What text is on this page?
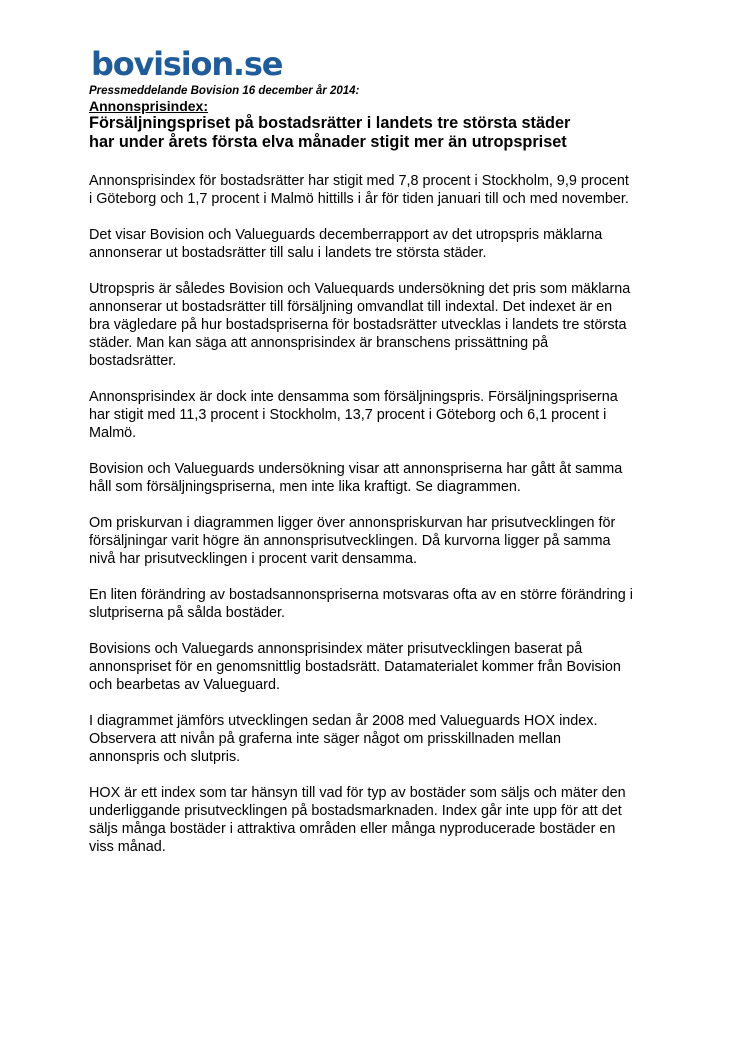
bovision.se
Pressmeddelande Bovision 16 december år 2014:
Annonsprisindex:
Försäljningspriset på bostadsrätter i landets tre största städer
har under årets första elva månader stigit mer än utropspriset

Annonsprisindex för bostadsrätter har stigit med 7,8 procent i Stockholm, 9,9 procent
i Göteborg och 1,7 procent i Malmö hittills i år för tiden januari till och med november.

Det visar Bovision och Valueguards decemberrapport av det utropspris mäklarna
annonserar ut bostadsrätter till salu i landets tre största städer.

Utropspris är således Bovision och Valuequards undersökning det pris som mäklarna
annonserar ut bostadsrätter till försäljning omvandlat till indextal. Det indexet är en
bra vägledare på hur bostadspriserna för bostadsrätter utvecklas i landets tre största
städer. Man kan säga att annonsprisindex är branschens prissättning på
bostadsrätter.

Annonsprisindex är dock inte densamma som försäljningspris. Försäljningspriserna
har stigit med 11,3 procent i Stockholm, 13,7 procent i Göteborg och 6,1 procent i
Malmö.

Bovision och Valueguards undersökning visar att annonspriserna har gått åt samma
håll som försäljningspriserna, men inte lika kraftigt. Se diagrammen.

Om priskurvan i diagrammen ligger över annonspriskurvan har prisutvecklingen för
försäljningar varit högre än annonsprisutvecklingen. Då kurvorna ligger på samma
nivå har prisutvecklingen i procent varit densamma.

En liten förändring av bostadsannonspriserna motsvaras ofta av en större förändring i
slutpriserna på sålda bostäder.

Bovisions och Valuegards annonsprisindex mäter prisutvecklingen baserat på
annonspriset för en genomsnittlig bostadsrätt. Datamaterialet kommer från Bovision
och bearbetas av Valueguard.

I diagrammet jämförs utvecklingen sedan år 2008 med Valueguards HOX index.
Observera att nivån på graferna inte säger något om prisskillnaden mellan
annonspris och slutpris.

HOX är ett index som tar hänsyn till vad för typ av bostäder som säljs och mäter den
underliggande prisutvecklingen på bostadsmarknaden. Index går inte upp för att det
säljs många bostäder i attraktiva områden eller många nyproducerade bostäder en
viss månad.
